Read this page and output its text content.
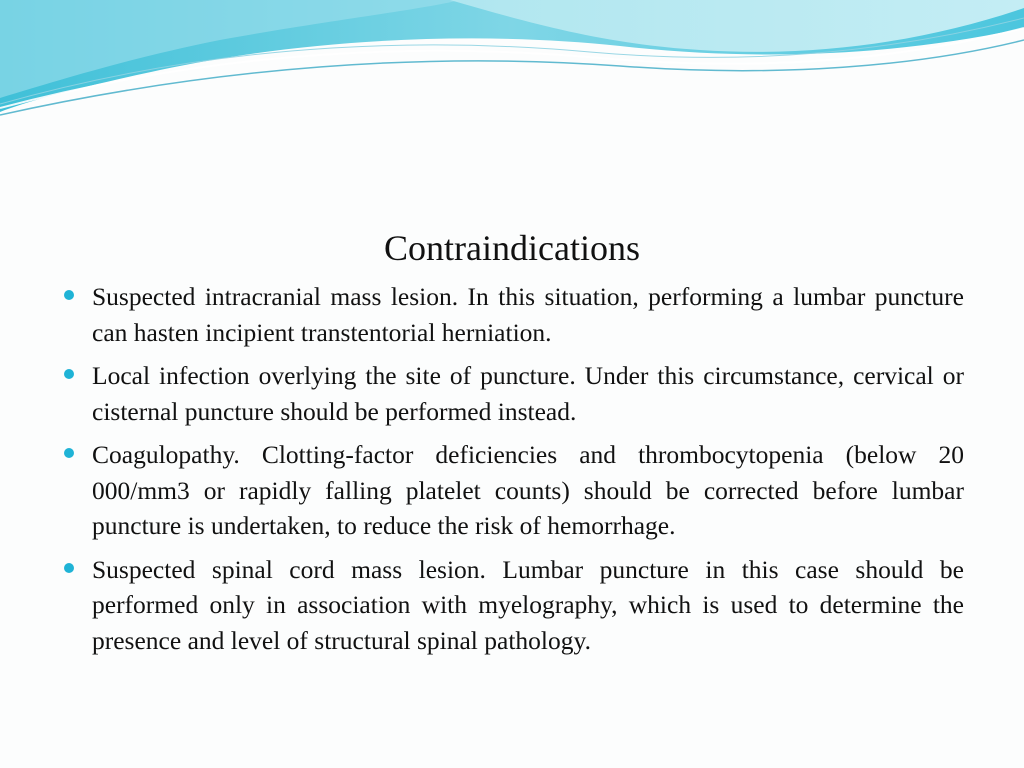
Contraindications
Suspected intracranial mass lesion. In this situation, performing a lumbar puncture can hasten incipient transtentorial herniation.
Local infection overlying the site of puncture. Under this circumstance, cervical or cisternal puncture should be performed instead.
Coagulopathy. Clotting-factor deficiencies and thrombocytopenia (below 20 000/mm3 or rapidly falling platelet counts) should be corrected before lumbar puncture is undertaken, to reduce the risk of hemorrhage.
Suspected spinal cord mass lesion. Lumbar puncture in this case should be performed only in association with myelography, which is used to determine the presence and level of structural spinal pathology.
